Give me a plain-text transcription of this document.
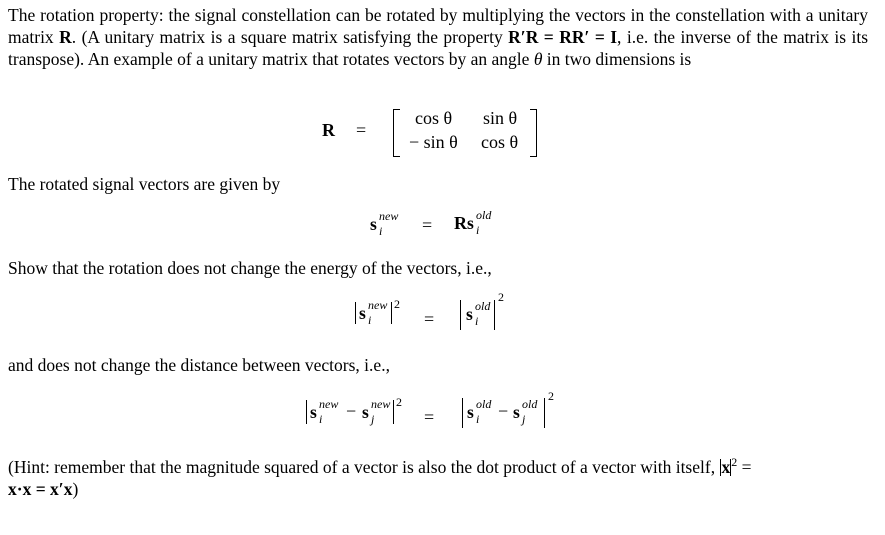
The rotation property: the signal constellation can be rotated by multiplying the vectors in the constellation with a unitary matrix R. (A unitary matrix is a square matrix satisfying the property R′R = RR′ = I, i.e. the inverse of the matrix is its transpose). An example of a unitary matrix that rotates vectors by an angle θ in two dimensions is
R =
cos θ sin θ
− sin θ cos θ
The rotated signal vectors are given by
s new
i = R s old
i
Show that the rotation does not change the energy of the vectors, i.e.,
s new
i
2
= s old
i
2
and does not change the distance between vectors, i.e.,
s new
i − s new
j
2
= s old
i − s old
j
2
(Hint: remember that the magnitude squared of a vector is also the dot product of a vector with itself, $x^2$ =
x·x = x′x)
